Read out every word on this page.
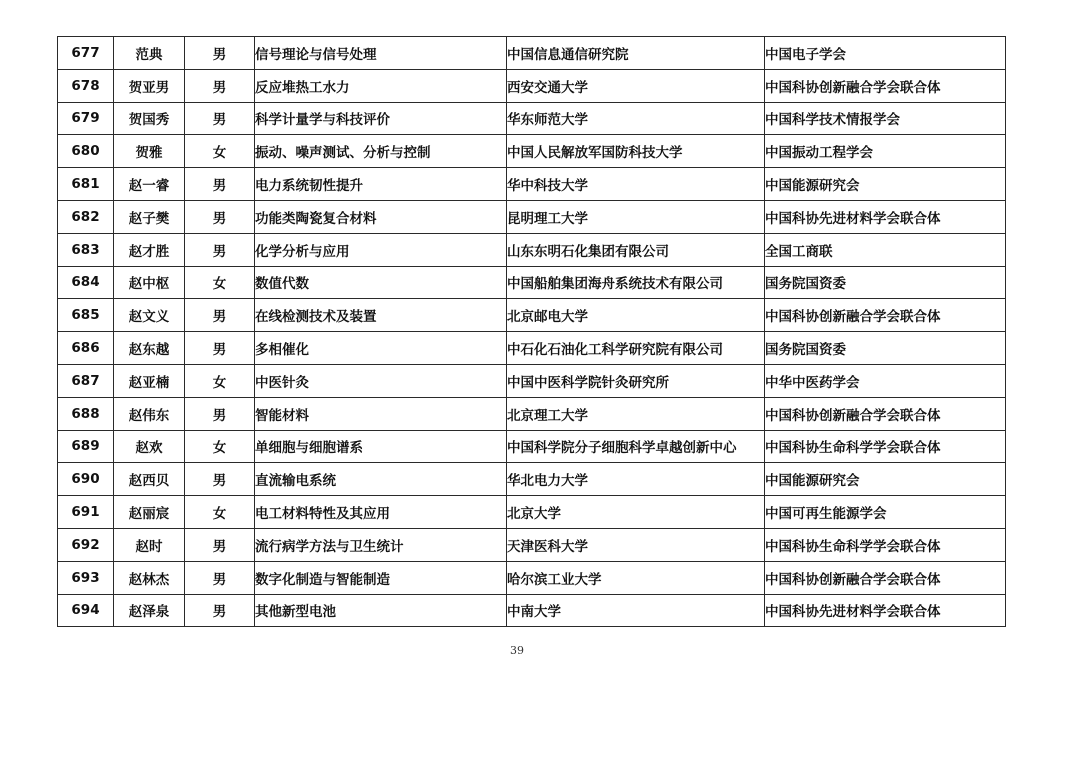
677	范典	男	信号理论与信号处理	中国信息通信研究院	中国电子学会
678	贺亚男	男	反应堆热工水力	西安交通大学	中国科协创新融合学会联合体
679	贺国秀	男	科学计量学与科技评价	华东师范大学	中国科学技术情报学会
680	贺雅	女	振动、噪声测试、分析与控制	中国人民解放军国防科技大学	中国振动工程学会
681	赵一睿	男	电力系统韧性提升	华中科技大学	中国能源研究会
682	赵子樊	男	功能类陶瓷复合材料	昆明理工大学	中国科协先进材料学会联合体
683	赵才胜	男	化学分析与应用	山东东明石化集团有限公司	全国工商联
684	赵中枢	女	数值代数	中国船舶集团海舟系统技术有限公司	国务院国资委
685	赵文义	男	在线检测技术及装置	北京邮电大学	中国科协创新融合学会联合体
686	赵东越	男	多相催化	中石化石油化工科学研究院有限公司	国务院国资委
687	赵亚楠	女	中医针灸	中国中医科学院针灸研究所	中华中医药学会
688	赵伟东	男	智能材料	北京理工大学	中国科协创新融合学会联合体
689	赵欢	女	单细胞与细胞谱系	中国科学院分子细胞科学卓越创新中心	中国科协生命科学学会联合体
690	赵西贝	男	直流输电系统	华北电力大学	中国能源研究会
691	赵丽宸	女	电工材料特性及其应用	北京大学	中国可再生能源学会
692	赵时	男	流行病学方法与卫生统计	天津医科大学	中国科协生命科学学会联合体
693	赵林杰	男	数字化制造与智能制造	哈尔滨工业大学	中国科协创新融合学会联合体
694	赵泽泉	男	其他新型电池	中南大学	中国科协先进材料学会联合体
39
